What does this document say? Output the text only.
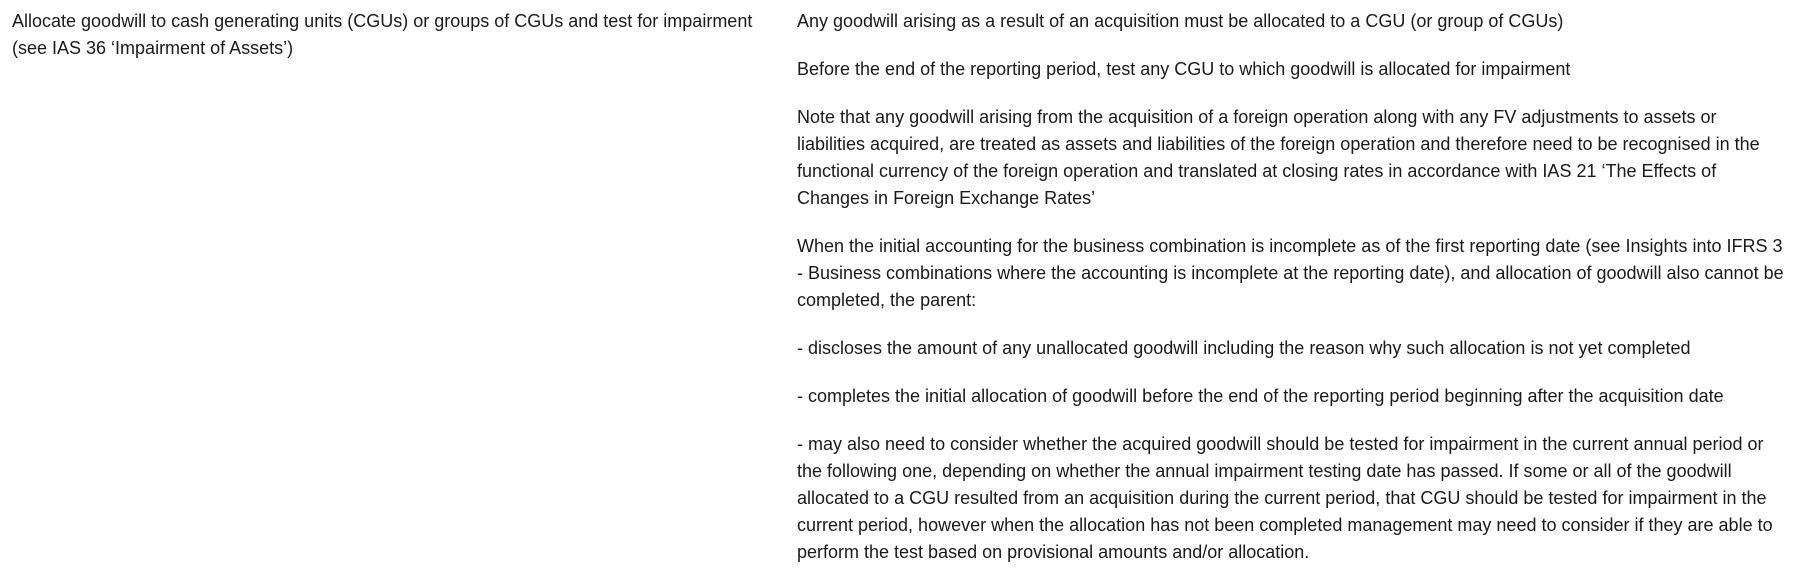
Allocate goodwill to cash generating units (CGUs) or groups of CGUs and test for impairment (see IAS 36 ‘Impairment of Assets’)

Any goodwill arising as a result of an acquisition must be allocated to a CGU (or group of CGUs)

Before the end of the reporting period, test any CGU to which goodwill is allocated for impairment

Note that any goodwill arising from the acquisition of a foreign operation along with any FV adjustments to assets or liabilities acquired, are treated as assets and liabilities of the foreign operation and therefore need to be recognised in the functional currency of the foreign operation and translated at closing rates in accordance with IAS 21 ‘The Effects of Changes in Foreign Exchange Rates’

When the initial accounting for the business combination is incomplete as of the first reporting date (see Insights into IFRS 3 - Business combinations where the accounting is incomplete at the reporting date), and allocation of goodwill also cannot be completed, the parent:

- discloses the amount of any unallocated goodwill including the reason why such allocation is not yet completed

- completes the initial allocation of goodwill before the end of the reporting period beginning after the acquisition date

- may also need to consider whether the acquired goodwill should be tested for impairment in the current annual period or the following one, depending on whether the annual impairment testing date has passed. If some or all of the goodwill allocated to a CGU resulted from an acquisition during the current period, that CGU should be tested for impairment in the current period, however when the allocation has not been completed management may need to consider if they are able to perform the test based on provisional amounts and/or allocation.
